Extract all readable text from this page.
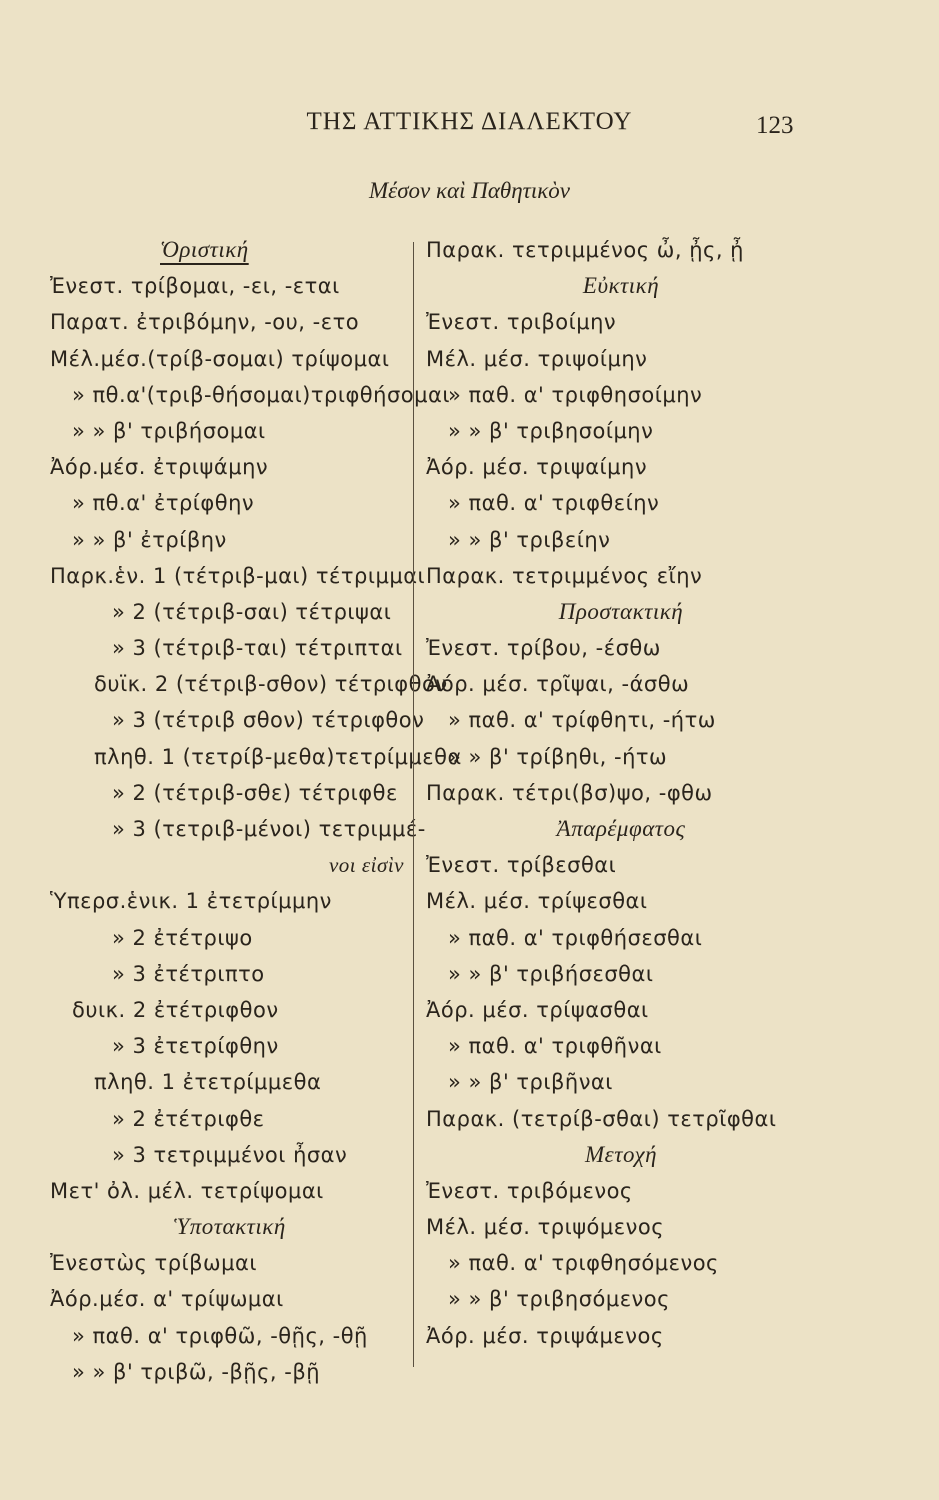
ΤΗΣ ΑΤΤΙΚΗΣ ΔΙΑΛΕΚΤΟΥ	123
Μέσον καὶ Παθητικὸν
Ὁριστική
Ἐνεστ. τρίβομαι, -ει, -εται
Παρατ. ἐτριβόμην, -ου, -ετο
Μέλ.μέσ.(τρίβ-σομαι) τρίψομαι
» πθ.α'(τριβ-θήσομαι)τριφθήσομαι
» » β' τριβήσομαι
Ἀόρ.μέσ. ἐτριψάμην
» πθ.α' ἐτρίφθην
» » β' ἐτρίβην
Παρκ.ἑν. 1 (τέτριβ-μαι) τέτριμμαι
» 2 (τέτριβ-σαι) τέτριψαι
» 3 (τέτριβ-ται) τέτριπται
δυϊκ. 2 (τέτριβ-σθον) τέτριφθον
» 3 (τέτριβ σθον) τέτριφθον
πληθ. 1 (τετρίβ-μεθα)τετρίμμεθα
» 2 (τέτριβ-σθε) τέτριφθε
» 3 (τετριβ-μένοι) τετριμμέ-
νοι εἰσὶν
Ὑπερσ.ἑνικ. 1 ἐτετρίμμην
» 2 ἐτέτριψο
» 3 ἐτέτριπτο
δυικ. 2 ἐτέτριφθον
» 3 ἐτετρίφθην
πληθ. 1 ἐτετρίμμεθα
» 2 ἐτέτριφθε
» 3 τετριμμένοι ἦσαν
Μετ' ὀλ. μέλ. τετρίψομαι
Ὑποτακτική
Ἐνεστὼς τρίβωμαι
Ἀόρ.μέσ. α' τρίψωμαι
» παθ. α' τριφθῶ, -θῇς, -θῇ
» » β' τριβῶ, -βῇς, -βῇ
Παρακ. τετριμμένος ὦ, ᾖς, ᾖ
Εὐκτική
Ἐνεστ. τριβοίμην
Μέλ. μέσ. τριψοίμην
» παθ. α' τριφθησοίμην
» » β' τριβησοίμην
Ἀόρ. μέσ. τριψαίμην
» παθ. α' τριφθείην
» » β' τριβείην
Παρακ. τετριμμένος εἴην
Προστακτική
Ἐνεστ. τρίβου, -έσθω
Ἀόρ. μέσ. τρῖψαι, -άσθω
» παθ. α' τρίφθητι, -ήτω
» » β' τρίβηθι, -ήτω
Παρακ. τέτρι(βσ)ψο, -φθω
Ἀπαρέμφατος
Ἐνεστ. τρίβεσθαι
Μέλ. μέσ. τρίψεσθαι
» παθ. α' τριφθήσεσθαι
» » β' τριβήσεσθαι
Ἀόρ. μέσ. τρίψασθαι
» παθ. α' τριφθῆναι
» » β' τριβῆναι
Παρακ. (τετρίβ-σθαι) τετρῖφθαι
Μετοχή
Ἐνεστ. τριβόμενος
Μέλ. μέσ. τριψόμενος
» παθ. α' τριφθησόμενος
» » β' τριβησόμενος
Ἀόρ. μέσ. τριψάμενος
